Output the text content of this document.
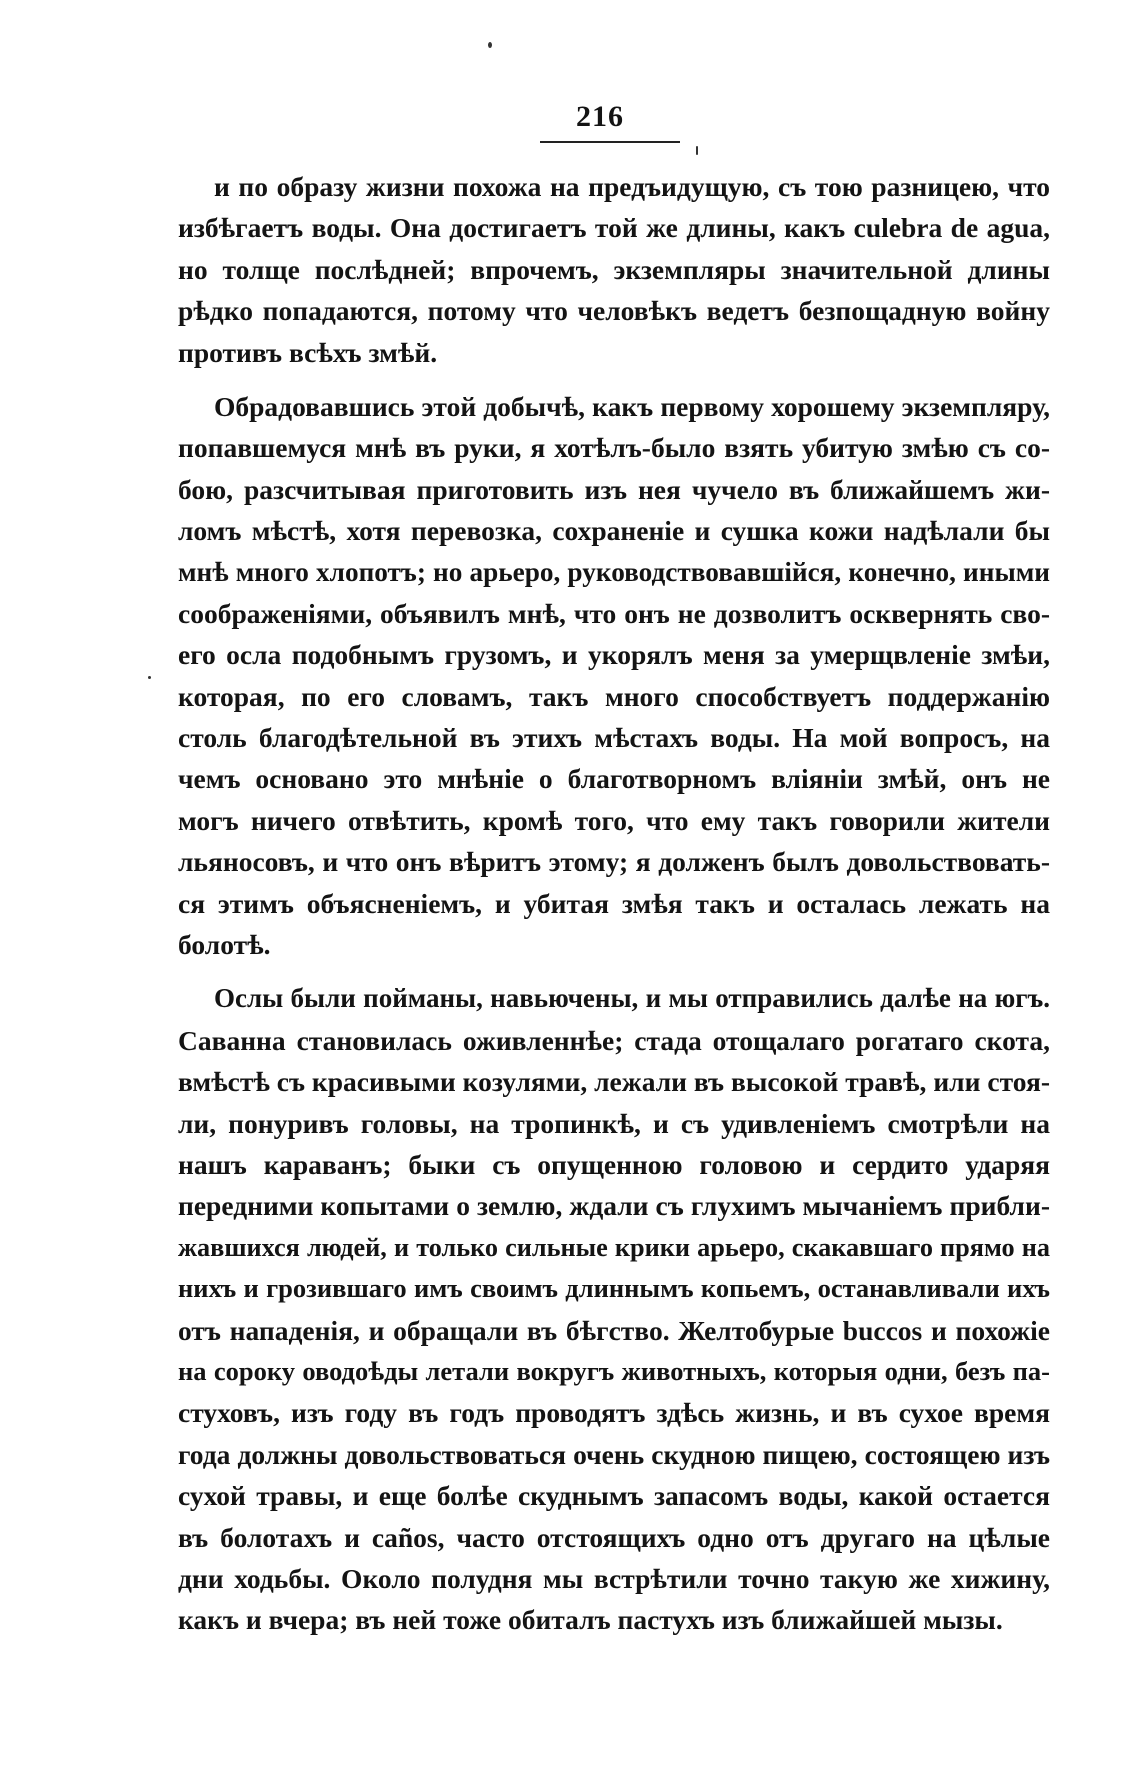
216

и по образу жизни похожа на предъидущую, съ тою разницею, что
избѣгаетъ воды. Она достигаетъ той же длины, какъ culebra de agua,
но толще послѣдней; впрочемъ, экземпляры значительной длины
рѣдко попадаются, потому что человѣкъ ведетъ безпощадную войну
противъ всѣхъ змѣй.

Обрадовавшись этой добычѣ, какъ первому хорошему экземпляру,
попавшемуся мнѣ въ руки, я хотѣлъ-было взять убитую змѣю съ со-
бою, разсчитывая приготовить изъ нея чучело въ ближайшемъ жи-
ломъ мѣстѣ, хотя перевозка, сохраненіе и сушка кожи надѣлали бы
мнѣ много хлопотъ; но арьеро, руководствовавшійся, конечно, иными
соображеніями, объявилъ мнѣ, что онъ не дозволитъ осквернять сво-
его осла подобнымъ грузомъ, и укорялъ меня за умерщвленіе змѣи,
которая, по его словамъ, такъ много способствуетъ поддержанію
столь благодѣтельной въ этихъ мѣстахъ воды. На мой вопросъ, на
чемъ основано это мнѣніе о благотворномъ вліяніи змѣй, онъ не
могъ ничего отвѣтить, кромѣ того, что ему такъ говорили жители
льяносовъ, и что онъ вѣритъ этому; я долженъ былъ довольствовать-
ся этимъ объясненіемъ, и убитая змѣя такъ и осталась лежать на
болотѣ.

Ослы были пойманы, навьючены, и мы отправились далѣе на югъ.
Саванна становилась оживленнѣе; стада отощалаго рогатаго скота,
вмѣстѣ съ красивыми козулями, лежали въ высокой травѣ, или стоя-
ли, понуривъ головы, на тропинкѣ, и съ удивленіемъ смотрѣли на
нашъ караванъ; быки съ опущенною головою и сердито ударяя
передними копытами о землю, ждали съ глухимъ мычаніемъ прибли-
жавшихся людей, и только сильные крики арьеро, скакавшаго прямо на
нихъ и грозившаго имъ своимъ длиннымъ копьемъ, останавливали ихъ
отъ нападенія, и обращали въ бѣгство. Желтобурые buccos и похожіе
на сороку оводоѣды летали вокругъ животныхъ, которыя одни, безъ па-
стуховъ, изъ году въ годъ проводятъ здѣсь жизнь, и въ сухое время
года должны довольствоваться очень скудною пищею, состоящею изъ
сухой травы, и еще болѣе скуднымъ запасомъ воды, какой остается
въ болотахъ и caños, часто отстоящихъ одно отъ другаго на цѣлые
дни ходьбы. Около полудня мы встрѣтили точно такую же хижину,
какъ и вчера; въ ней тоже обиталъ пастухъ изъ ближайшей мызы.
